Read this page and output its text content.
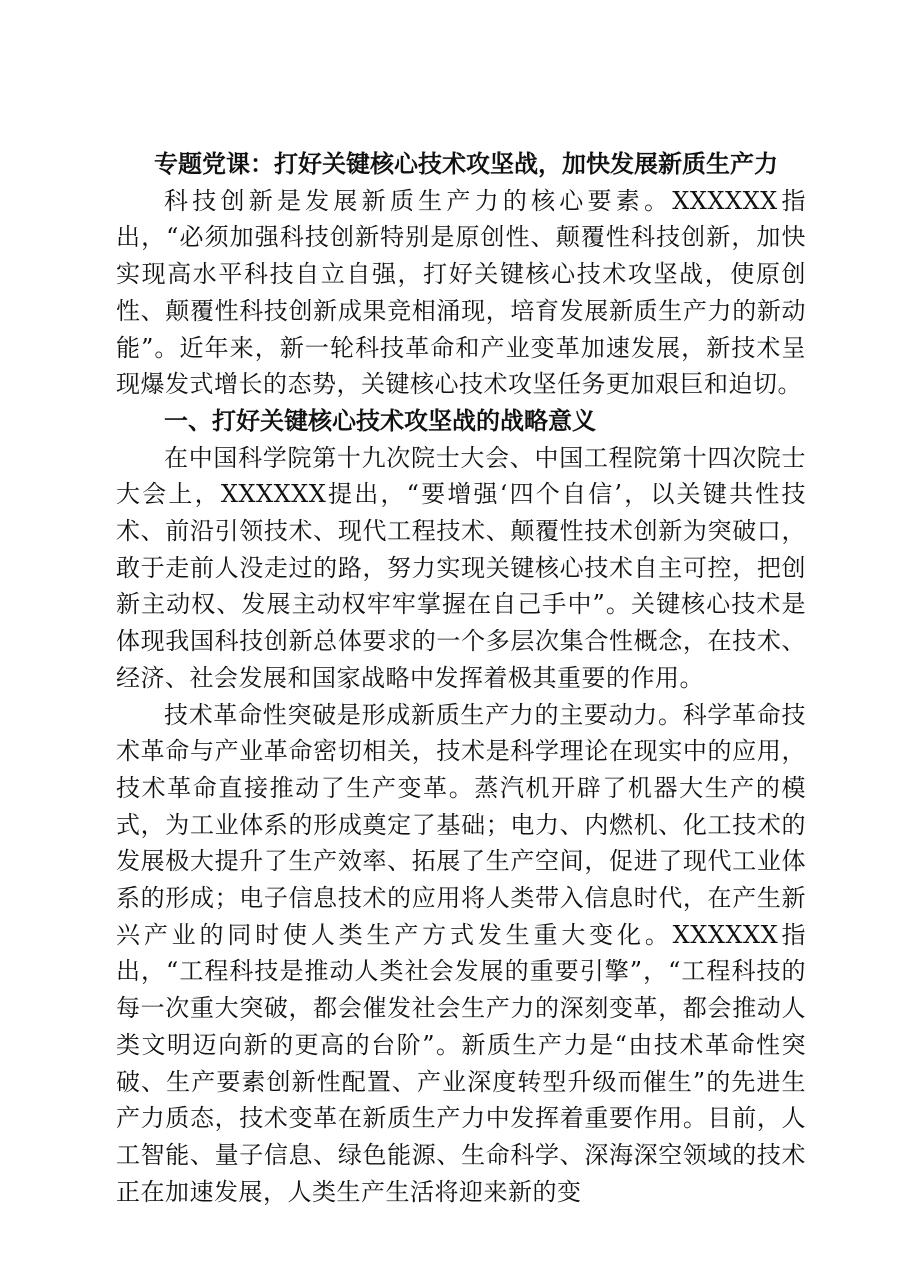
专题党课：打好关键核心技术攻坚战，加快发展新质生产力

科技创新是发展新质生产力的核心要素。XXXXXX指出，“必须加强科技创新特别是原创性、颠覆性科技创新，加快实现高水平科技自立自强，打好关键核心技术攻坚战，使原创性、颠覆性科技创新成果竞相涌现，培育发展新质生产力的新动能”。近年来，新一轮科技革命和产业变革加速发展，新技术呈现爆发式增长的态势，关键核心技术攻坚任务更加艰巨和迫切。

一、打好关键核心技术攻坚战的战略意义

在中国科学院第十九次院士大会、中国工程院第十四次院士大会上，XXXXXX提出，“要增强‘四个自信’，以关键共性技术、前沿引领技术、现代工程技术、颠覆性技术创新为突破口，敢于走前人没走过的路，努力实现关键核心技术自主可控，把创新主动权、发展主动权牢牢掌握在自己手中”。关键核心技术是体现我国科技创新总体要求的一个多层次集合性概念，在技术、经济、社会发展和国家战略中发挥着极其重要的作用。

技术革命性突破是形成新质生产力的主要动力。科学革命技术革命与产业革命密切相关，技术是科学理论在现实中的应用，技术革命直接推动了生产变革。蒸汽机开辟了机器大生产的模式，为工业体系的形成奠定了基础；电力、内燃机、化工技术的发展极大提升了生产效率、拓展了生产空间，促进了现代工业体系的形成；电子信息技术的应用将人类带入信息时代，在产生新兴产业的同时使人类生产方式发生重大变化。XXXXXX指出，“工程科技是推动人类社会发展的重要引擎”，“工程科技的每一次重大突破，都会催发社会生产力的深刻变革，都会推动人类文明迈向新的更高的台阶”。新质生产力是“由技术革命性突破、生产要素创新性配置、产业深度转型升级而催生”的先进生产力质态，技术变革在新质生产力中发挥着重要作用。目前，人工智能、量子信息、绿色能源、生命科学、深海深空领域的技术正在加速发展，人类生产生活将迎来新的变
